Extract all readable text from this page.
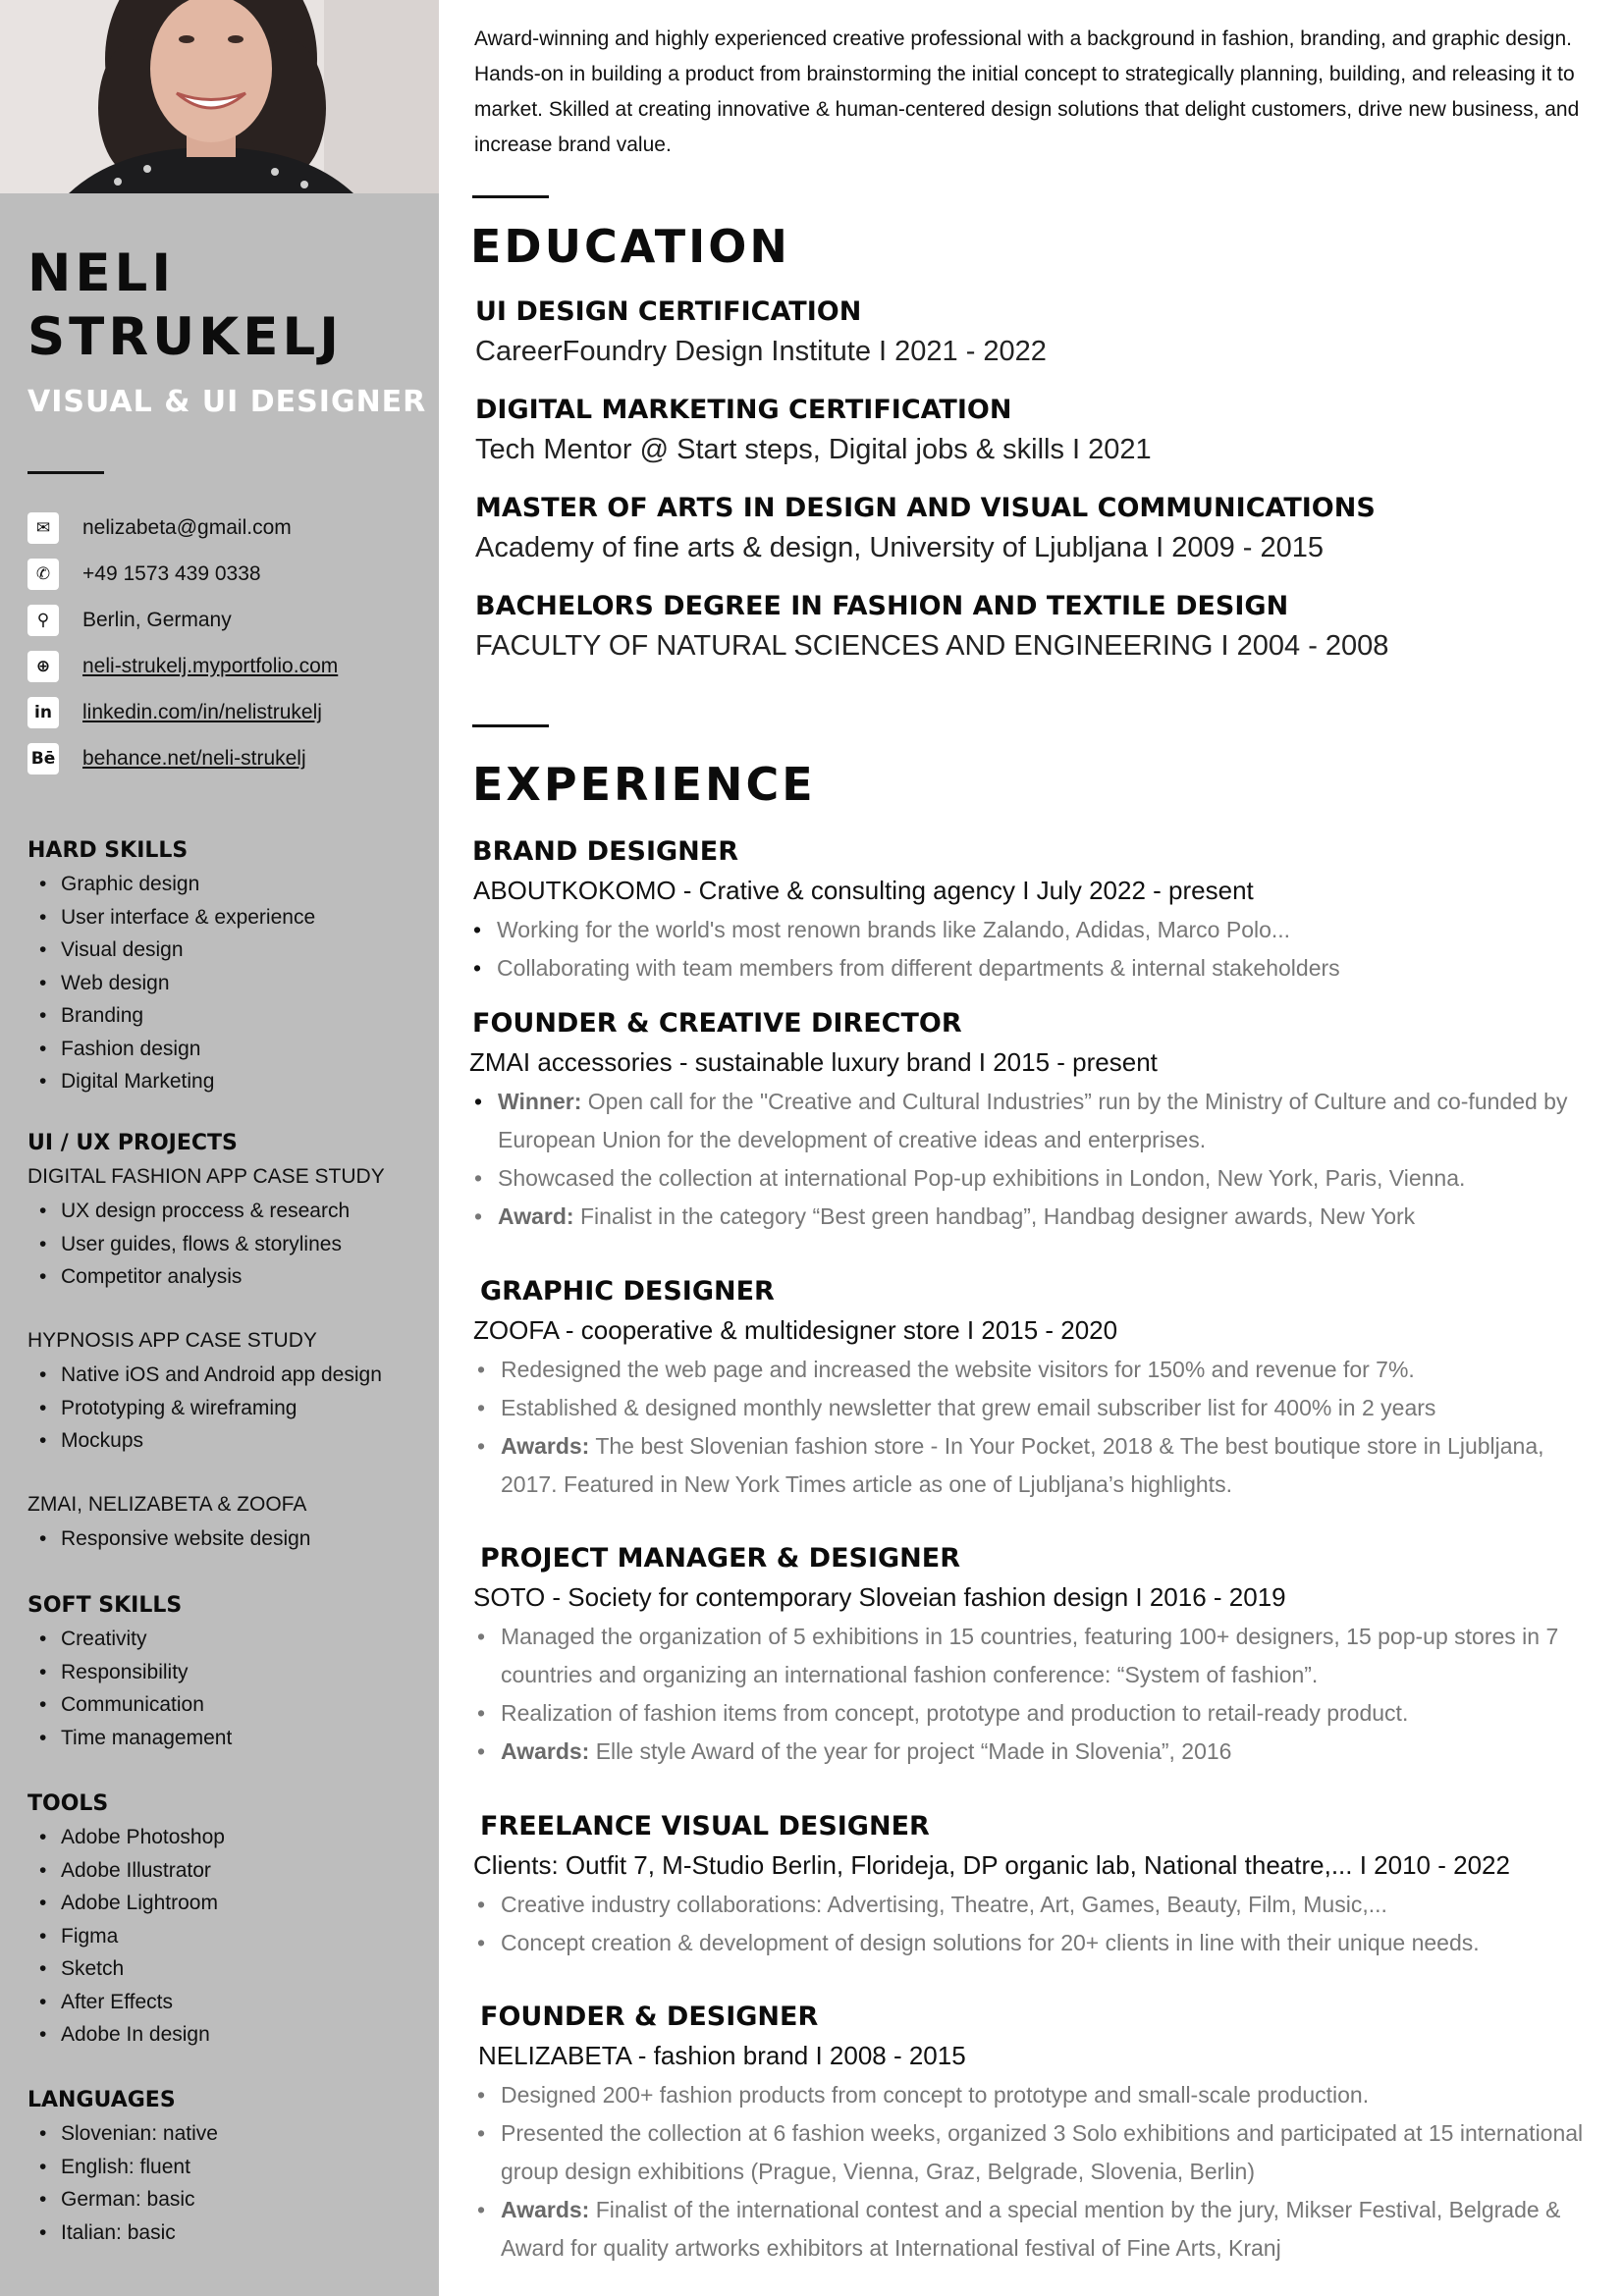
NELI
STRUKELJ
VISUAL & UI DESIGNER
✉	nelizabeta@gmail.com
✆	+49 1573 439 0338
⚲	Berlin, Germany
⊕	neli-strukelj.myportfolio.com
in	linkedin.com/in/nelistrukelj
Bē behance.net/neli-strukelj
HARD SKILLS
• Graphic design
• User interface & experience
• Visual design
• Web design
• Branding
• Fashion design
• Digital Marketing
UI / UX PROJECTS
DIGITAL FASHION APP CASE STUDY
• UX design proccess & research
• User guides, flows & storylines
• Competitor analysis
HYPNOSIS APP CASE STUDY
• Native iOS and Android app design
• Prototyping & wireframing
• Mockups
ZMAI, NELIZABETA & ZOOFA
• Responsive website design
SOFT SKILLS
• Creativity
• Responsibility
• Communication
• Time management
TOOLS
• Adobe Photoshop
• Adobe Illustrator
• Adobe Lightroom
• Figma
• Sketch
• After Effects
• Adobe In design
LANGUAGES
• Slovenian: native
• English: fluent
• German: basic
• Italian: basic
Award-winning and highly experienced creative professional with a background in fashion, branding, and graphic design. Hands-on in building a product from brainstorming the initial concept to strategically planning, building, and releasing it to market. Skilled at creating innovative & human-centered design solutions that delight customers, drive new business, and increase brand value.
EDUCATION
UI DESIGN CERTIFICATION
CareerFoundry Design Institute I 2021 - 2022
DIGITAL MARKETING CERTIFICATION
Tech Mentor @ Start steps, Digital jobs & skills I 2021
MASTER OF ARTS IN DESIGN AND VISUAL COMMUNICATIONS
Academy of fine arts & design, University of Ljubljana I 2009 - 2015
BACHELORS DEGREE IN FASHION AND TEXTILE DESIGN
FACULTY OF NATURAL SCIENCES AND ENGINEERING I 2004 - 2008
EXPERIENCE
BRAND DESIGNER
ABOUTKOKOMO - Crative & consulting agency I July 2022 - present
• Working for the world's most renown brands like Zalando, Adidas, Marco Polo...
• Collaborating with team members from different departments & internal stakeholders
FOUNDER & CREATIVE DIRECTOR
ZMAI accessories - sustainable luxury brand I 2015 - present
• Winner: Open call for the "Creative and Cultural Industries” run by the Ministry of Culture and co-funded by European Union for the development of creative ideas and enterprises.
• Showcased the collection at international Pop-up exhibitions in London, New York, Paris, Vienna.
• Award: Finalist in the category “Best green handbag”, Handbag designer awards, New York
GRAPHIC DESIGNER
ZOOFA - cooperative & multidesigner store I 2015 - 2020
• Redesigned the web page and increased the website visitors for 150% and revenue for 7%.
• Established & designed monthly newsletter that grew email subscriber list for 400% in 2 years
• Awards: The best Slovenian fashion store - In Your Pocket, 2018 & The best boutique store in Ljubljana, 2017. Featured in New York Times article as one of Ljubljana’s highlights.
PROJECT MANAGER & DESIGNER
SOTO - Society for contemporary Sloveian fashion design I 2016 - 2019
• Managed the organization of 5 exhibitions in 15 countries, featuring 100+ designers, 15 pop-up stores in 7 countries and organizing an international fashion conference: “System of fashion”.
• Realization of fashion items from concept, prototype and production to retail-ready product.
• Awards: Elle style Award of the year for project “Made in Slovenia”, 2016
FREELANCE VISUAL DESIGNER
Clients: Outfit 7, M-Studio Berlin, Florideja, DP organic lab, National theatre,... I 2010 - 2022
• Creative industry collaborations: Advertising, Theatre, Art, Games, Beauty, Film, Music,...
• Concept creation & development of design solutions for 20+ clients in line with their unique needs.
FOUNDER & DESIGNER
NELIZABETA - fashion brand I 2008 - 2015
• Designed 200+ fashion products from concept to prototype and small-scale production.
• Presented the collection at 6 fashion weeks, organized 3 Solo exhibitions and participated at 15 international group design exhibitions (Prague, Vienna, Graz, Belgrade, Slovenia, Berlin)
• Awards: Finalist of the international contest and a special mention by the jury, Mikser Festival, Belgrade & Award for quality artworks exhibitors at International festival of Fine Arts, Kranj
